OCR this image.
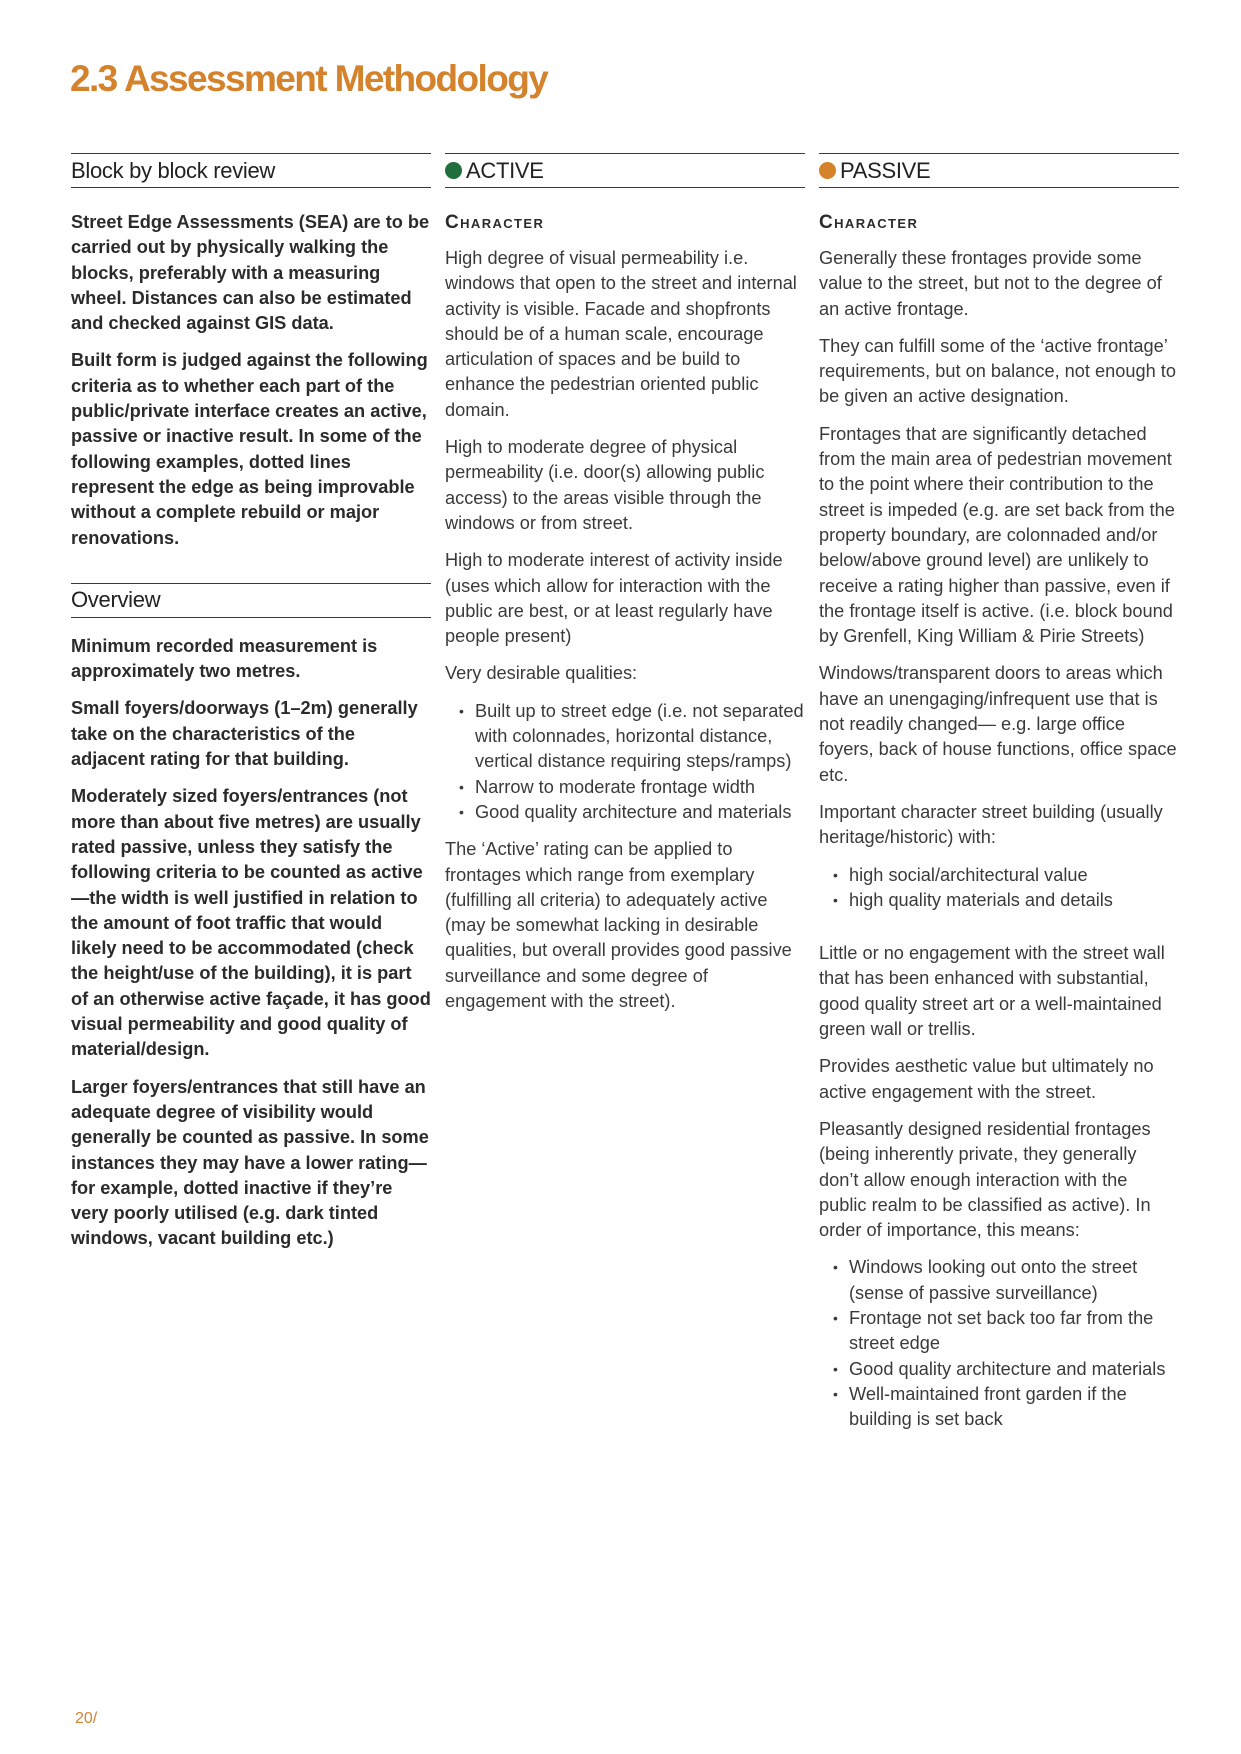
2.3 Assessment Methodology
Block by block review

Street Edge Assessments (SEA) are to be carried out by physically walking the blocks, preferably with a measuring wheel. Distances can also be estimated and checked against GIS data.

Built form is judged against the following criteria as to whether each part of the public/private interface creates an active, passive or inactive result. In some of the following examples, dotted lines represent the edge as being improvable without a complete rebuild or major renovations.

Overview

Minimum recorded measurement is approximately two metres.

Small foyers/doorways (1–2m) generally take on the characteristics of the adjacent rating for that building.

Moderately sized foyers/entrances (not more than about five metres) are usually rated passive, unless they satisfy the following criteria to be counted as active—the width is well justified in relation to the amount of foot traffic that would likely need to be accommodated (check the height/use of the building), it is part of an otherwise active façade, it has good visual permeability and good quality of material/design.

Larger foyers/entrances that still have an adequate degree of visibility would generally be counted as passive. In some instances they may have a lower rating—for example, dotted inactive if they’re very poorly utilised (e.g. dark tinted windows, vacant building etc.)

ACTIVE

Character

High degree of visual permeability i.e. windows that open to the street and internal activity is visible. Facade and shopfronts should be of a human scale, encourage articulation of spaces and be build to enhance the pedestrian oriented public domain.

High to moderate degree of physical permeability (i.e. door(s) allowing public access) to the areas visible through the windows or from street.

High to moderate interest of activity inside (uses which allow for interaction with the public are best, or at least regularly have people present)

Very desirable qualities:

• Built up to street edge (i.e. not separated with colonnades, horizontal distance, vertical distance requiring steps/ramps)
• Narrow to moderate frontage width
• Good quality architecture and materials

The ‘Active’ rating can be applied to frontages which range from exemplary (fulfilling all criteria) to adequately active (may be somewhat lacking in desirable qualities, but overall provides good passive surveillance and some degree of engagement with the street).

PASSIVE

Character

Generally these frontages provide some value to the street, but not to the degree of an active frontage.

They can fulfill some of the ‘active frontage’ requirements, but on balance, not enough to be given an active designation.

Frontages that are significantly detached from the main area of pedestrian movement to the point where their contribution to the street is impeded (e.g. are set back from the property boundary, are colonnaded and/or below/above ground level) are unlikely to receive a rating higher than passive, even if the frontage itself is active. (i.e. block bound by Grenfell, King William & Pirie Streets)

Windows/transparent doors to areas which have an unengaging/infrequent use that is not readily changed— e.g. large office foyers, back of house functions, office space etc.

Important character street building (usually heritage/historic) with:

• high social/architectural value
• high quality materials and details

Little or no engagement with the street wall that has been enhanced with substantial, good quality street art or a well-maintained green wall or trellis.

Provides aesthetic value but ultimately no active engagement with the street.

Pleasantly designed residential frontages (being inherently private, they generally don’t allow enough interaction with the public realm to be classified as active). In order of importance, this means:

• Windows looking out onto the street (sense of passive surveillance)
• Frontage not set back too far from the street edge
• Good quality architecture and materials
• Well-maintained front garden if the building is set back
20/
